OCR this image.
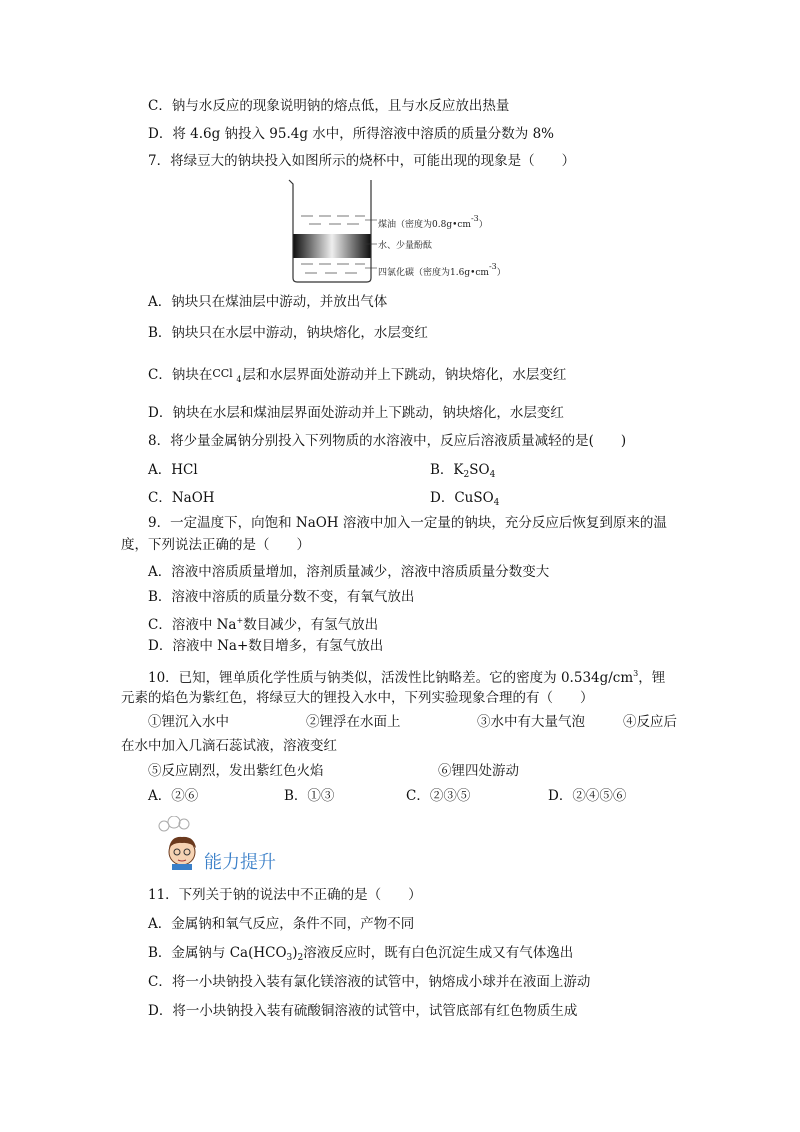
C．钠与水反应的现象说明钠的熔点低，且与水反应放出热量
D．将 4.6g 钠投入 95.4g 水中，所得溶液中溶质的质量分数为 8%
7．将绿豆大的钠块投入如图所示的烧杯中，可能出现的现象是（　　）
煤油（密度为0.8g•cm-3）
水、少量酚酞
四氯化碳（密度为1.6g•cm-3）
A．钠块只在煤油层中游动，并放出气体
B．钠块只在水层中游动，钠块熔化，水层变红
C．钠块在 CCl 4 层和水层界面处游动并上下跳动，钠块熔化，水层变红
D．钠块在水层和煤油层界面处游动并上下跳动，钠块熔化，水层变红
8．将少量金属钠分别投入下列物质的水溶液中，反应后溶液质量减轻的是(　　)
A．HCl	B．$K_2SO_4$
C．NaOH	D．CuSO$_4$
9．一定温度下，向饱和 NaOH 溶液中加入一定量的钠块，充分反应后恢复到原来的温
度，下列说法正确的是（　　）
A．溶液中溶质质量增加，溶剂质量减少，溶液中溶质质量分数变大
B．溶液中溶质的质量分数不变，有氧气放出
C．溶液中 Na+数目减少，有氢气放出
D．溶液中 Na+数目增多，有氢气放出
10．已知，锂单质化学性质与钠类似，活泼性比钠略差。它的密度为 $0.534g/cm^3$，锂
元素的焰色为紫红色，将绿豆大的锂投入水中，下列实验现象合理的有（　　）
①锂沉入水中	②锂浮在水面上	③水中有大量气泡	④反应后
在水中加入几滴石蕊试液，溶液变红
⑤反应剧烈，发出紫红色火焰	⑥锂四处游动
A．②⑥	B．①③	C．②③⑤	D．②④⑤⑥
能力提升
11．下列关于钠的说法中不正确的是（　　）
A．金属钠和氧气反应，条件不同，产物不同
B．金属钠与 $Ca(HCO_3)_2$溶液反应时，既有白色沉淀生成又有气体逸出
C．将一小块钠投入装有氯化镁溶液的试管中，钠熔成小球并在液面上游动
D．将一小块钠投入装有硫酸铜溶液的试管中，试管底部有红色物质生成
